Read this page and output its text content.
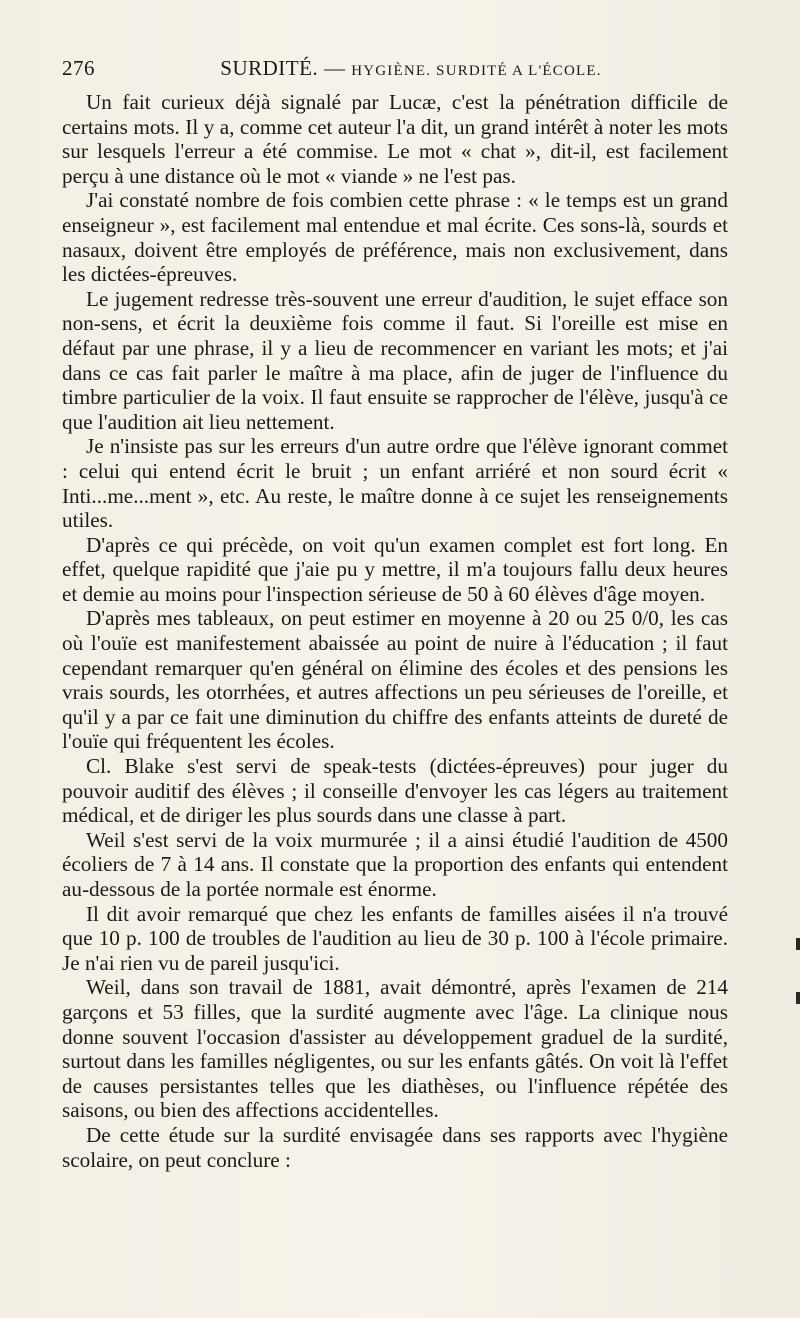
276	SURDITÉ. — HYGIÈNE. SURDITÉ A L'ÉCOLE.

Un fait curieux déjà signalé par Lucæ, c'est la pénétration difficile de certains mots. Il y a, comme cet auteur l'a dit, un grand intérêt à noter les mots sur lesquels l'erreur a été commise. Le mot « chat », dit-il, est facilement perçu à une distance où le mot « viande » ne l'est pas.

J'ai constaté nombre de fois combien cette phrase : « le temps est un grand enseigneur », est facilement mal entendue et mal écrite. Ces sons-là, sourds et nasaux, doivent être employés de préférence, mais non exclusivement, dans les dictées-épreuves.

Le jugement redresse très-souvent une erreur d'audition, le sujet efface son non-sens, et écrit la deuxième fois comme il faut. Si l'oreille est mise en défaut par une phrase, il y a lieu de recommencer en variant les mots; et j'ai dans ce cas fait parler le maître à ma place, afin de juger de l'influence du timbre particulier de la voix. Il faut ensuite se rapprocher de l'élève, jusqu'à ce que l'audition ait lieu nettement.

Je n'insiste pas sur les erreurs d'un autre ordre que l'élève ignorant commet : celui qui entend écrit le bruit ; un enfant arriéré et non sourd écrit « Inti...me...ment », etc. Au reste, le maître donne à ce sujet les renseignements utiles.

D'après ce qui précède, on voit qu'un examen complet est fort long. En effet, quelque rapidité que j'aie pu y mettre, il m'a toujours fallu deux heures et demie au moins pour l'inspection sérieuse de 50 à 60 élèves d'âge moyen.

D'après mes tableaux, on peut estimer en moyenne à 20 ou 25 0/0, les cas où l'ouïe est manifestement abaissée au point de nuire à l'éducation ; il faut cependant remarquer qu'en général on élimine des écoles et des pensions les vrais sourds, les otorrhées, et autres affections un peu sérieuses de l'oreille, et qu'il y a par ce fait une diminution du chiffre des enfants atteints de dureté de l'ouïe qui fréquentent les écoles.

Cl. Blake s'est servi de speak-tests (dictées-épreuves) pour juger du pouvoir auditif des élèves ; il conseille d'envoyer les cas légers au traitement médical, et de diriger les plus sourds dans une classe à part.

Weil s'est servi de la voix murmurée ; il a ainsi étudié l'audition de 4500 écoliers de 7 à 14 ans. Il constate que la proportion des enfants qui entendent au-dessous de la portée normale est énorme.

Il dit avoir remarqué que chez les enfants de familles aisées il n'a trouvé que 10 p. 100 de troubles de l'audition au lieu de 30 p. 100 à l'école primaire. Je n'ai rien vu de pareil jusqu'ici.

Weil, dans son travail de 1881, avait démontré, après l'examen de 214 garçons et 53 filles, que la surdité augmente avec l'âge. La clinique nous donne souvent l'occasion d'assister au développement graduel de la surdité, surtout dans les familles négligentes, ou sur les enfants gâtés. On voit là l'effet de causes persistantes telles que les diathèses, ou l'influence répétée des saisons, ou bien des affections accidentelles.

De cette étude sur la surdité envisagée dans ses rapports avec l'hygiène scolaire, on peut conclure :
